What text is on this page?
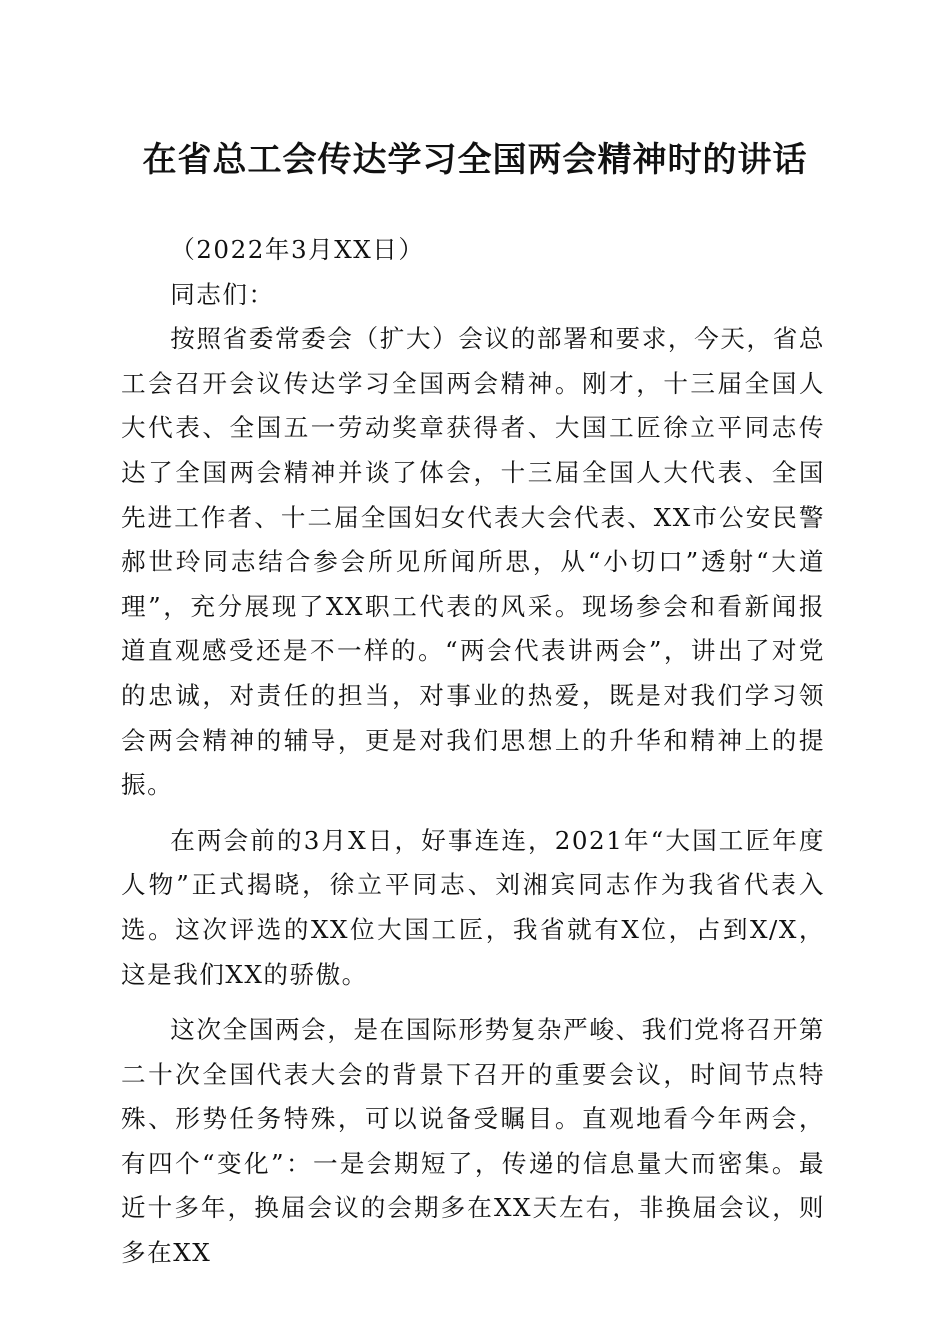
在省总工会传达学习全国两会精神时的讲话

（2022年3月XX日）

同志们：

按照省委常委会（扩大）会议的部署和要求，今天，省总工会召开会议传达学习全国两会精神。刚才，十三届全国人大代表、全国五一劳动奖章获得者、大国工匠徐立平同志传达了全国两会精神并谈了体会，十三届全国人大代表、全国先进工作者、十二届全国妇女代表大会代表、XX市公安民警郝世玲同志结合参会所见所闻所思，从“小切口”透射“大道理”，充分展现了XX职工代表的风采。现场参会和看新闻报道直观感受还是不一样的。“两会代表讲两会”，讲出了对党的忠诚，对责任的担当，对事业的热爱，既是对我们学习领会两会精神的辅导，更是对我们思想上的升华和精神上的提振。

在两会前的3月X日，好事连连，2021年“大国工匠年度人物”正式揭晓，徐立平同志、刘湘宾同志作为我省代表入选。这次评选的XX位大国工匠，我省就有X位，占到X/X，这是我们XX的骄傲。

这次全国两会，是在国际形势复杂严峻、我们党将召开第二十次全国代表大会的背景下召开的重要会议，时间节点特殊、形势任务特殊，可以说备受瞩目。直观地看今年两会，有四个“变化”：一是会期短了，传递的信息量大而密集。最近十多年，换届会议的会期多在XX天左右，非换届会议，则多在XX
